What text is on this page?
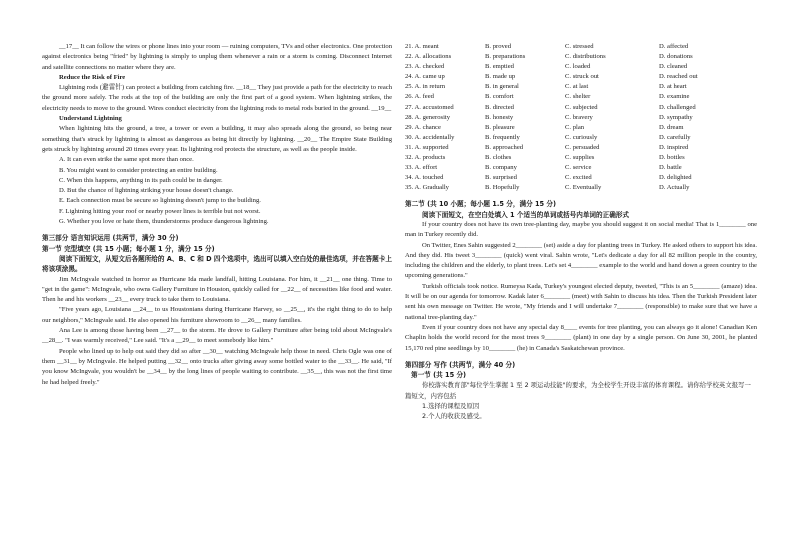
__17__ It can follow the wires or phone lines into your room — ruining computers, TVs and other electronics. One protection against electronics being "fried" by lightning is simply to unplug them whenever a rain or a storm is coming. Disconnect Internet and satellite connections no matter where they are.

Reduce the Risk of Fire

Lightning rods (避雷针) can protect a building from catching fire. __18__ They just provide a path for the electricity to reach the ground more safely. The rods at the top of the building are only the first part of a good system. When lightning strikes, the electricity needs to move to the ground. Wires conduct electricity from the lightning rods to metal rods buried in the ground. __19__

Understand Lightning

When lightning hits the ground, a tree, a tower or even a building, it may also spreads along the ground, so being near something that's struck by lightning is almost as dangerous as being hit directly by lightning. __20__ The Empire State Building gets struck by lightning around 20 times every year. Its lightning rod protects the structure, as well as the people inside.

A. It can even strike the same spot more than once.

B. You might want to consider protecting an entire building.

C. When this happens, anything in its path could be in danger.

D. But the chance of lightning striking your house doesn't change.

E. Each connection must be secure so lightning doesn't jump to the building.

F. Lightning hitting your roof or nearby power lines is terrible but not worst.

G. Whether you love or hate them, thunderstorms produce dangerous lightning.

第三部分 语言知识运用 (共两节，满分 30 分)

第一节 完型填空 (共 15 小题；每小题 1 分，满分 15 分)

阅读下面短文，从短文后各题所给的 A、B、C 和 D 四个选项中，选出可以填入空白处的最佳选项，并在答题卡上将该项涂黑。

Jim McIngvale watched in horror as Hurricane Ida made landfall, hitting Louisiana. For him, it __21__ one thing. Time to "get in the game": McIngvale, who owns Gallery Furniture in Houston, quickly called for __22__ of necessities like food and water. Then he and his workers __23__ every truck to take them to Louisiana.

"Five years ago, Louisiana __24__ to us Houstonians during Hurricane Harvey, so __25__, it's the right thing to do to help our neighbors," McIngvale said. He also opened his furniture showroom to __26__ many families.

Ana Lee is among those having been __27__ to the storm. He drove to Gallery Furniture after being told about McIngvale's __28__. "I was warmly received," Lee said. "It's a __29__ to meet somebody like him."

People who lined up to help out said they did so after __30__ watching McIngvale help those in need. Chris Ogle was one of them __31__ by McIngvale. He helped putting __32__ onto trucks after giving away some bottled water to the __33__. He said, "If you know McIngvale, you wouldn't be __34__ by the long lines of people waiting to contribute. __35__, this was not the first time he had helped freely."

21. A. meant	B. proved	C. stressed	D. affected
22. A. allocations	B. preparations	C. distributions	D. donations
23. A. checked	B. emptied	C. loaded	D. cleaned
24. A. came up	B. made up	C. struck out	D. reached out
25. A. in return	B. in general	C. at last	D. at heart
26. A. feed	B. comfort	C. shelter	D. examine
27. A. accustomed	B. directed	C. subjected	D. challenged
28. A. generosity	B. honesty	C. bravery	D. sympathy
29. A. chance	B. pleasure	C. plan	D. dream
30. A. accidentally	B. frequently	C. curiously	D. carefully
31. A. supported	B. approached	C. persuaded	D. inspired
32. A. products	B. clothes	C. supplies	D. bottles
33. A. effort	B. company	C. service	D. battle
34. A. touched	B. surprised	C. excited	D. delighted
35. A. Gradually	B. Hopefully	C. Eventually	D. Actually

第二节 (共 10 小题；每小题 1.5 分，满分 15 分)

阅读下面短文，在空白处填入 1 个适当的单词或括号内单词的正确形式

If your country does not have its own tree-planting day, maybe you should suggest it on social media! That is 1________ one man in Turkey recently did.

On Twitter, Enes Sahin suggested 2________ (set) aside a day for planting trees in Turkey. He asked others to support his idea. And they did. His tweet 3________ (quick) went viral. Sahin wrote, "Let's dedicate a day for all 82 million people in the country, including the children and the elderly, to plant trees. Let's set 4________ example to the world and hand down a green country to the upcoming generations."

Turkish officials took notice. Rumeysa Kada, Turkey's youngest elected deputy, tweeted, "This is an 5________ (amaze) idea. It will be on our agenda for tomorrow. Kadak later 6________ (meet) with Sahin to discuss his idea. Then the Turkish President later sent his own message on Twitter. He wrote, "My friends and I will undertake 7________ (responsible) to make sure that we have a national tree-planting day."

Even if your country does not have any special day 8____ events for tree planting, you can always go it alone! Canadian Ken Chaplin holds the world record for the most trees 9________ (plant) in one day by a single person. On June 30, 2001, he planted 15,170 red pine seedlings by 10________ (he) in Canada's Saskatchewan province.

第四部分 写作 (共两节，满分 40 分)

第一节 (共 15 分)

你校落实教育部"每位学生掌握 1 至 2 项运动技能"的要求，为全校学生开设丰富的体育课程。请你给学校英文报写一篇短文，内容包括

1.选择的课程及原因

2.个人的收获及感受。
